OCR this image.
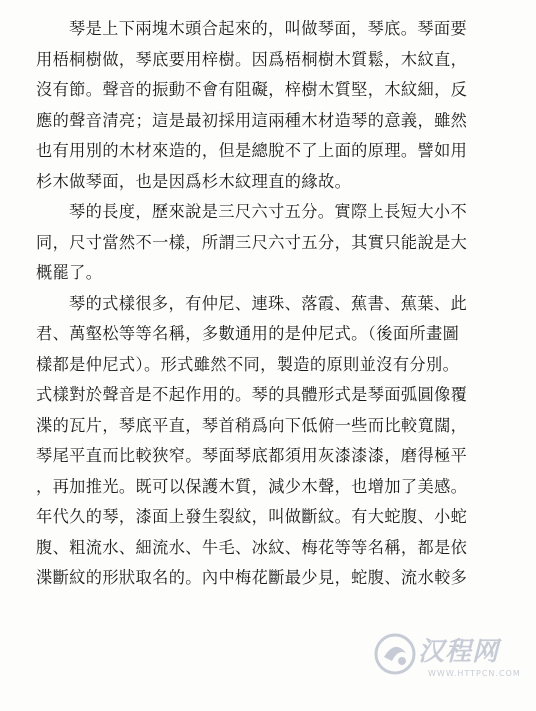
琴是上下兩塊木頭合起來的，叫做琴面，琴底。琴面要
用梧桐樹做，琴底要用梓樹。因爲梧桐樹木質鬆，木紋直，
沒有節。聲音的振動不會有阻礙，梓樹木質堅，木紋細，反
應的聲音清亮；這是最初採用這兩種木材造琴的意義，雖然
也有用別的木材來造的，但是總脫不了上面的原理。譬如用
杉木做琴面，也是因爲杉木紋理直的緣故。
琴的長度，歷來說是三尺六寸五分。實際上長短大小不
同，尺寸當然不一樣，所謂三尺六寸五分，其實只能說是大
概罷了。
琴的式樣很多，有仲尼、連珠、落霞、蕉書、蕉葉、此
君、萬壑松等等名稱，多數通用的是仲尼式。（後面所畫圖
樣都是仲尼式）。形式雖然不同，製造的原則並沒有分別。
式樣對於聲音是不起作用的。琴的具體形式是琴面弧圓像覆
渫的瓦片，琴底平直，琴首稍爲向下低俯一些而比較寬闊，
琴尾平直而比較狹窄。琴面琴底都須用灰漆漆漆，磨得極平
，再加推光。既可以保護木質，減少木聲，也增加了美感。
年代久的琴，漆面上發生裂紋，叫做斷紋。有大蛇腹、小蛇
腹、粗流水、細流水、牛毛、冰紋、梅花等等名稱，都是依
渫斷紋的形狀取名的。內中梅花斷最少見，蛇腹、流水較多
汉程网
WWW.HTTPCN.COM
